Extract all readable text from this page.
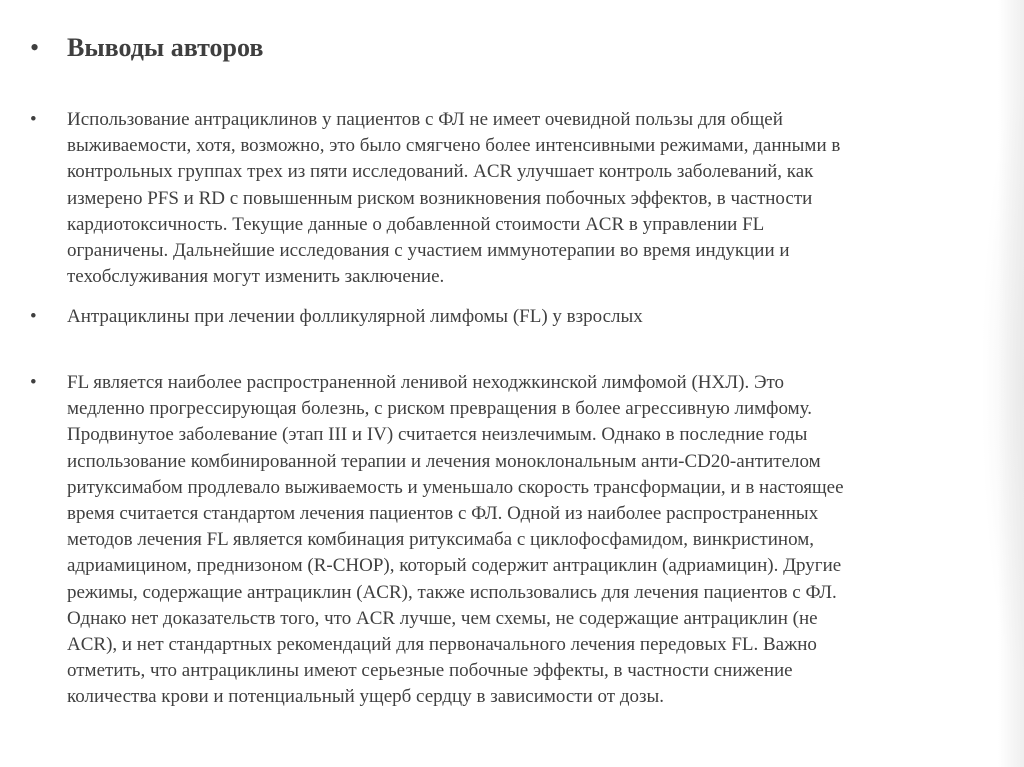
•	Выводы авторов
•	Использование антрациклинов у пациентов с ФЛ не имеет очевидной пользы для общей
выживаемости, хотя, возможно, это было смягчено более интенсивными режимами, данными в
контрольных группах трех из пяти исследований. ACR улучшает контроль заболеваний, как
измерено PFS и RD с повышенным риском возникновения побочных эффектов, в частности
кардиотоксичность. Текущие данные о добавленной стоимости ACR в управлении FL
ограничены. Дальнейшие исследования с участием иммунотерапии во время индукции и
техобслуживания могут изменить заключение.
•	Антрациклины при лечении фолликулярной лимфомы (FL) у взрослых
•	FL является наиболее распространенной ленивой неходжкинской лимфомой (НХЛ). Это
медленно прогрессирующая болезнь, с риском превращения в более агрессивную лимфому.
Продвинутое заболевание (этап III и IV) считается неизлечимым. Однако в последние годы
использование комбинированной терапии и лечения моноклональным анти-CD20-антителом
ритуксимабом продлевало выживаемость и уменьшало скорость трансформации, и в настоящее
время считается стандартом лечения пациентов с ФЛ. Одной из наиболее распространенных
методов лечения FL является комбинация ритуксимаба с циклофосфамидом, винкристином,
адриамицином, преднизоном (R-CHOP), который содержит антрациклин (адриамицин). Другие
режимы, содержащие антрациклин (ACR), также использовались для лечения пациентов с ФЛ.
Однако нет доказательств того, что ACR лучше, чем схемы, не содержащие антрациклин (не
ACR), и нет стандартных рекомендаций для первоначального лечения передовых FL. Важно
отметить, что антрациклины имеют серьезные побочные эффекты, в частности снижение
количества крови и потенциальный ущерб сердцу в зависимости от дозы.
